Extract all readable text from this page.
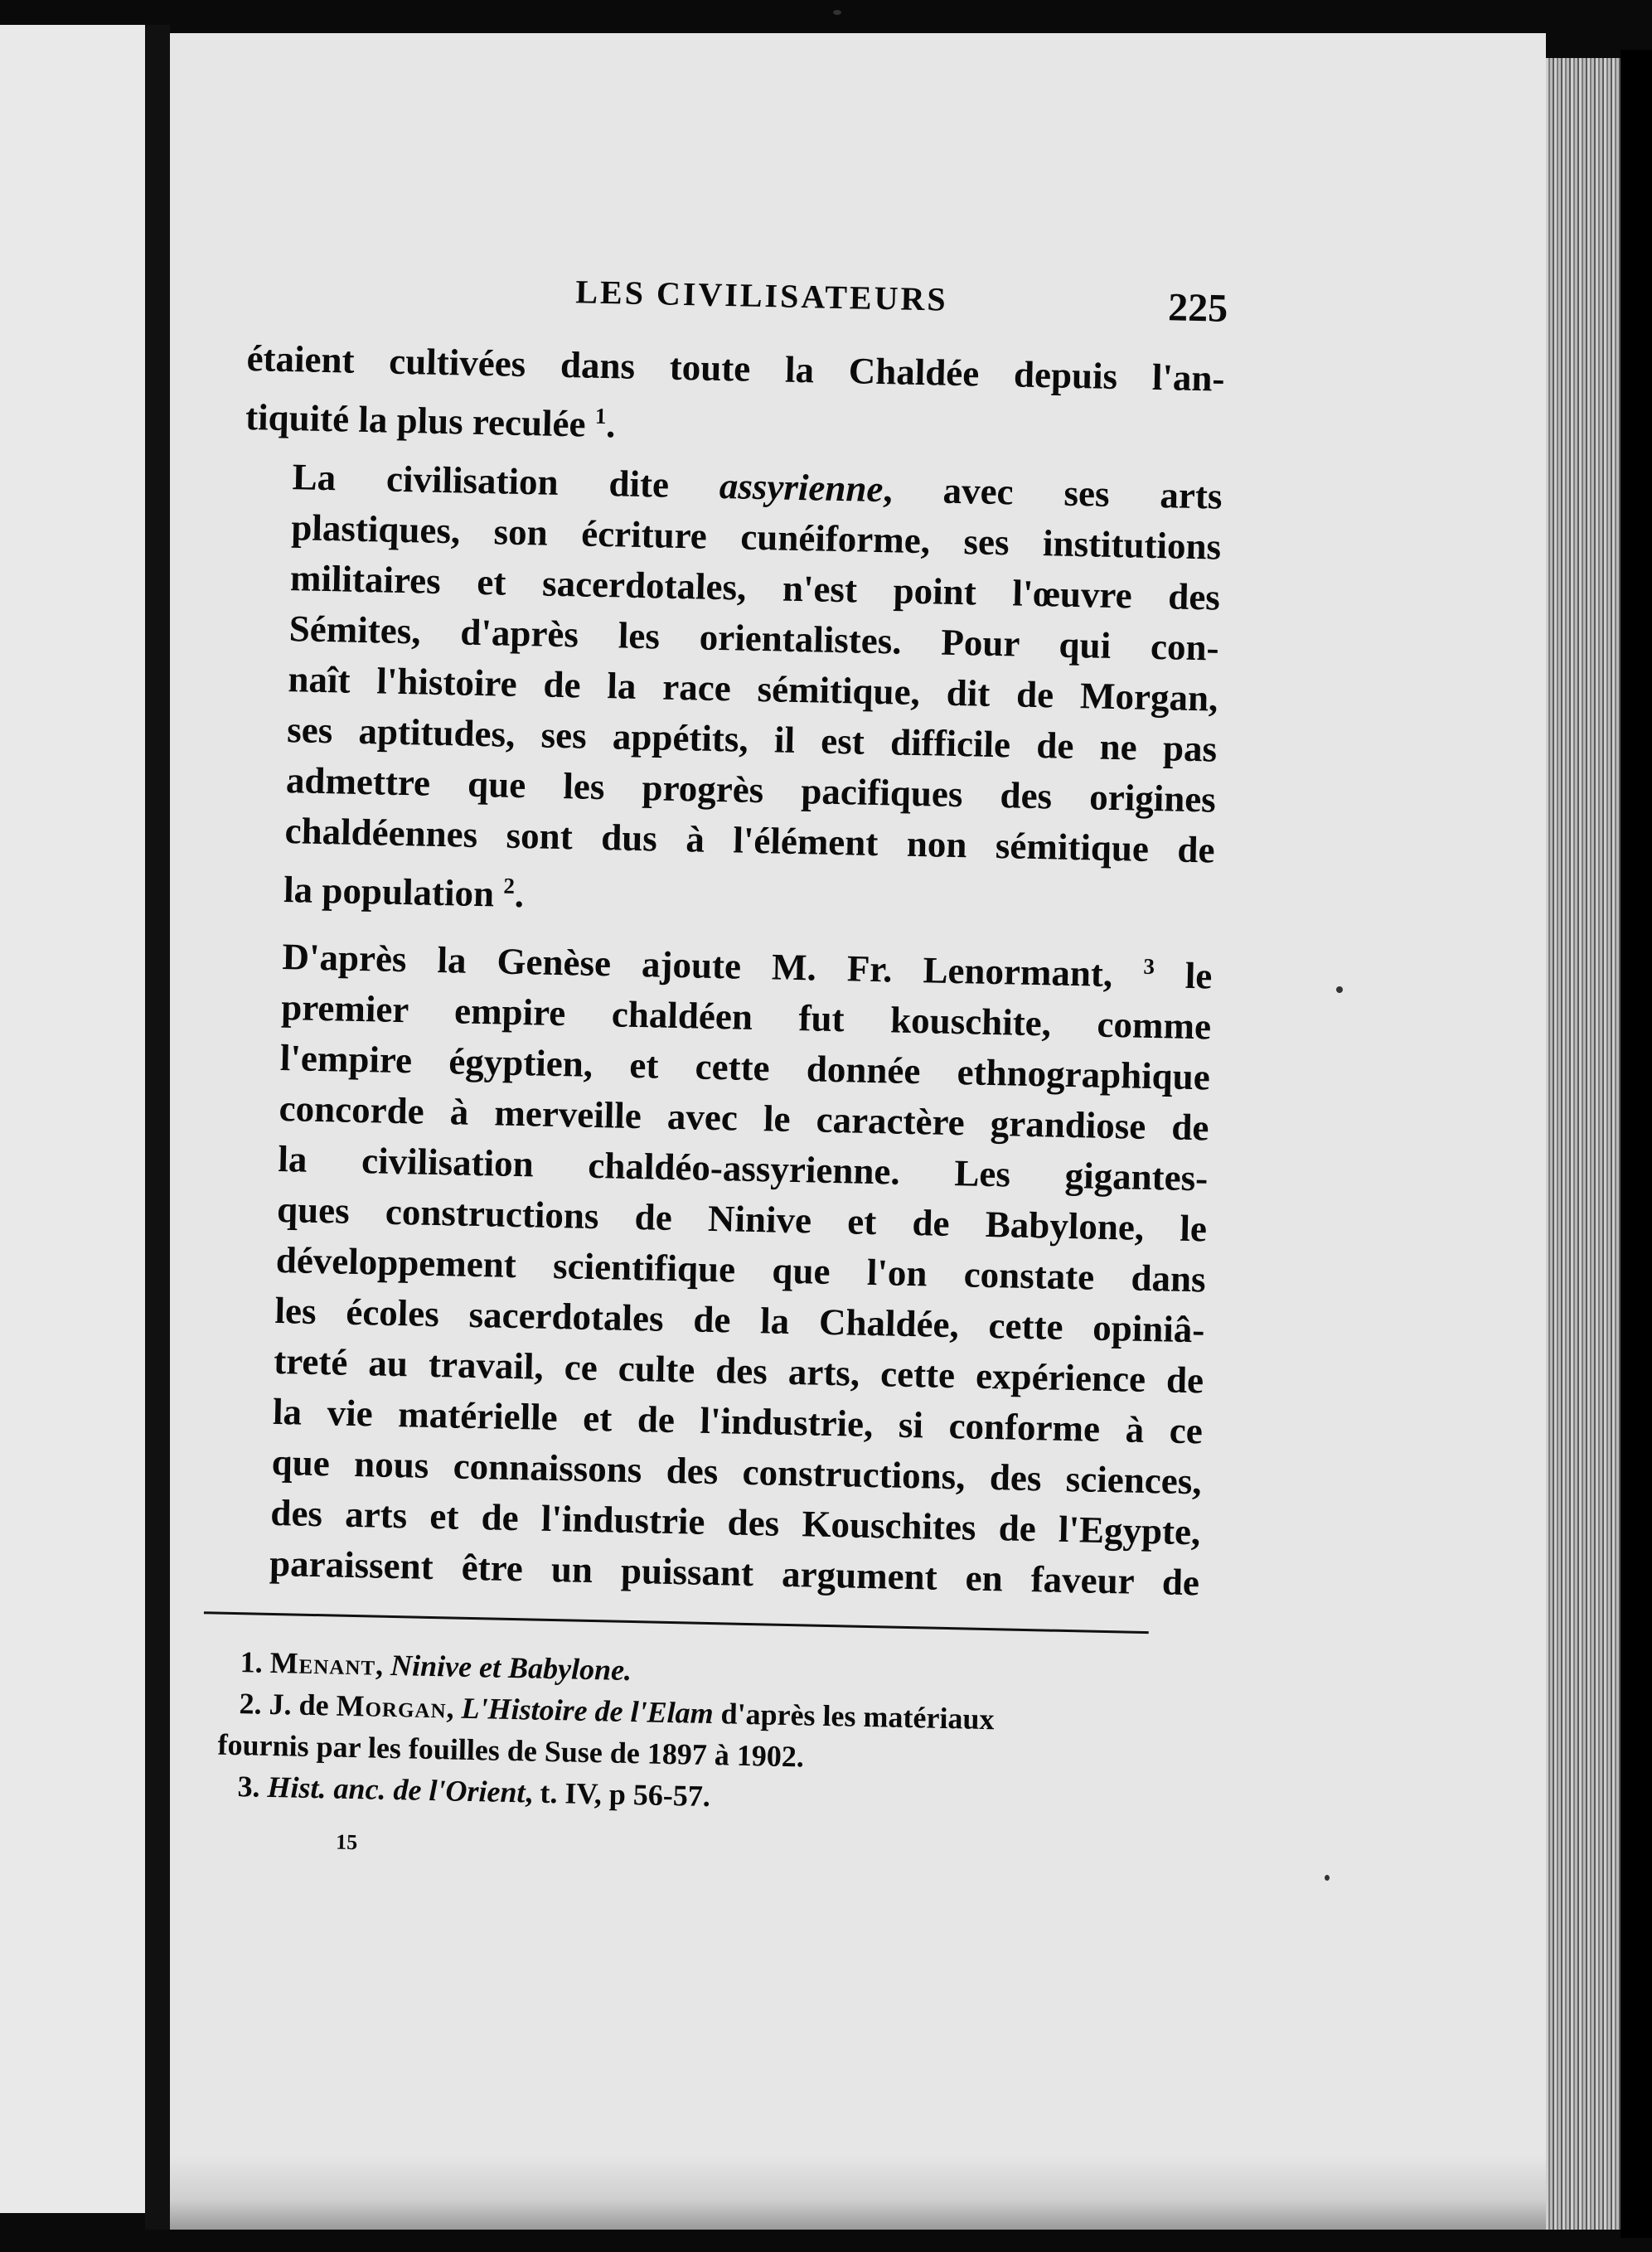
LES CIVILISATEURS	225

étaient cultivées dans toute la Chaldée depuis l'an-
tiquité la plus reculée $^1$.

La civilisation dite assyrienne, avec ses arts
plastiques, son écriture cunéiforme, ses institutions
militaires et sacerdotales, n'est point l'œuvre des
Sémites, d'après les orientalistes. Pour qui con-
naît l'histoire de la race sémitique, dit de Morgan,
ses aptitudes, ses appétits, il est difficile de ne pas
admettre que les progrès pacifiques des origines
chaldéennes sont dus à l'élément non sémitique de
la population $^2$.

D'après la Genèse ajoute M. Fr. Lenormant, $^3$ le
premier empire chaldéen fut kouschite, comme
l'empire égyptien, et cette donnée ethnographique
concorde à merveille avec le caractère grandiose de
la civilisation chaldéo-assyrienne. Les gigantes-
ques constructions de Ninive et de Babylone, le
développement scientifique que l'on constate dans
les écoles sacerdotales de la Chaldée, cette opiniâ-
treté au travail, ce culte des arts, cette expérience de
la vie matérielle et de l'industrie, si conforme à ce
que nous connaissons des constructions, des sciences,
des arts et de l'industrie des Kouschites de l'Egypte,
paraissent être un puissant argument en faveur de

1. Menant, Ninive et Babylone.
2. J. de Morgan, L'Histoire de l'Elam d'après les matériaux
fournis par les fouilles de Suse de 1897 à 1902.
3. Hist. anc. de l'Orient, t. IV, p 56-57.
15
